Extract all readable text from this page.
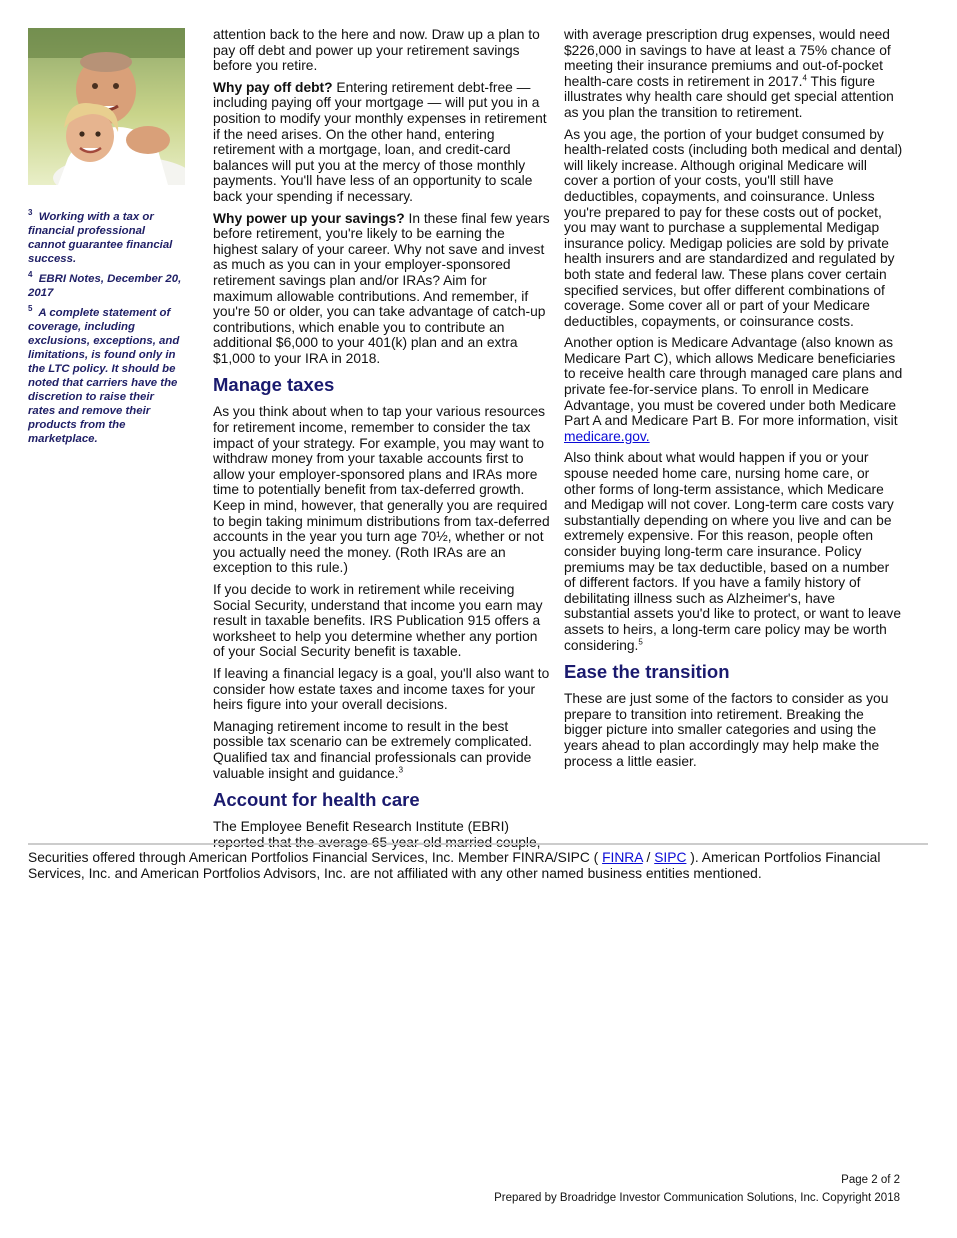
$^3$ Working with a tax or financial professional cannot guarantee financial success.

$^4$ EBRI Notes, December 20, 2017

$^5$ A complete statement of coverage, including exclusions, exceptions, and limitations, is found only in the LTC policy. It should be noted that carriers have the discretion to raise their rates and remove their products from the marketplace.

attention back to the here and now. Draw up a plan to pay off debt and power up your retirement savings before you retire.

Why pay off debt? Entering retirement debt-free — including paying off your mortgage — will put you in a position to modify your monthly expenses in retirement if the need arises. On the other hand, entering retirement with a mortgage, loan, and credit-card balances will put you at the mercy of those monthly payments. You'll have less of an opportunity to scale back your spending if necessary.

Why power up your savings? In these final few years before retirement, you're likely to be earning the highest salary of your career. Why not save and invest as much as you can in your employer-sponsored retirement savings plan and/or IRAs? Aim for maximum allowable contributions. And remember, if you're 50 or older, you can take advantage of catch-up contributions, which enable you to contribute an additional $6,000 to your 401(k) plan and an extra $1,000 to your IRA in 2018.

Manage taxes

As you think about when to tap your various resources for retirement income, remember to consider the tax impact of your strategy. For example, you may want to withdraw money from your taxable accounts first to allow your employer-sponsored plans and IRAs more time to potentially benefit from tax-deferred growth. Keep in mind, however, that generally you are required to begin taking minimum distributions from tax-deferred accounts in the year you turn age 70½, whether or not you actually need the money. (Roth IRAs are an exception to this rule.)

If you decide to work in retirement while receiving Social Security, understand that income you earn may result in taxable benefits. IRS Publication 915 offers a worksheet to help you determine whether any portion of your Social Security benefit is taxable.

If leaving a financial legacy is a goal, you'll also want to consider how estate taxes and income taxes for your heirs figure into your overall decisions.

Managing retirement income to result in the best possible tax scenario can be extremely complicated. Qualified tax and financial professionals can provide valuable insight and guidance.$^3$

Account for health care

The Employee Benefit Research Institute (EBRI)

with average prescription drug expenses, would need $226,000 in savings to have at least a 75% chance of meeting their insurance premiums and out-of-pocket health-care costs in retirement in 2017.$^4$ This figure illustrates why health care should get special attention as you plan the transition to retirement.

As you age, the portion of your budget consumed by health-related costs (including both medical and dental) will likely increase. Although original Medicare will cover a portion of your costs, you'll still have deductibles, copayments, and coinsurance. Unless you're prepared to pay for these costs out of pocket, you may want to purchase a supplemental Medigap insurance policy. Medigap policies are sold by private health insurers and are standardized and regulated by both state and federal law. These plans cover certain specified services, but offer different combinations of coverage. Some cover all or part of your Medicare deductibles, copayments, or coinsurance costs.

Another option is Medicare Advantage (also known as Medicare Part C), which allows Medicare beneficiaries to receive health care through managed care plans and private fee-for-service plans. To enroll in Medicare Advantage, you must be covered under both Medicare Part A and Medicare Part B. For more information, visit medicare.gov.

Also think about what would happen if you or your spouse needed home care, nursing home care, or other forms of long-term assistance, which Medicare and Medigap will not cover. Long-term care costs vary substantially depending on where you live and can be extremely expensive. For this reason, people often consider buying long-term care insurance. Policy premiums may be tax deductible, based on a number of different factors. If you have a family history of debilitating illness such as Alzheimer's, have substantial assets you'd like to protect, or want to leave assets to heirs, a long-term care policy may be worth considering.$^5$

Ease the transition

These are just some of the factors to consider as you prepare to transition into retirement. Breaking the bigger picture into smaller categories and using the years ahead to plan accordingly may help make the process a little easier.

Securities offered through American Portfolios Financial Services, Inc. Member FINRA/SIPC ( FINRA / SIPC ). American Portfolios Financial Services, Inc. and American Portfolios Advisors, Inc. are not affiliated with any other named business entities mentioned.
Page 2 of 2
Prepared by Broadridge Investor Communication Solutions, Inc. Copyright 2018
